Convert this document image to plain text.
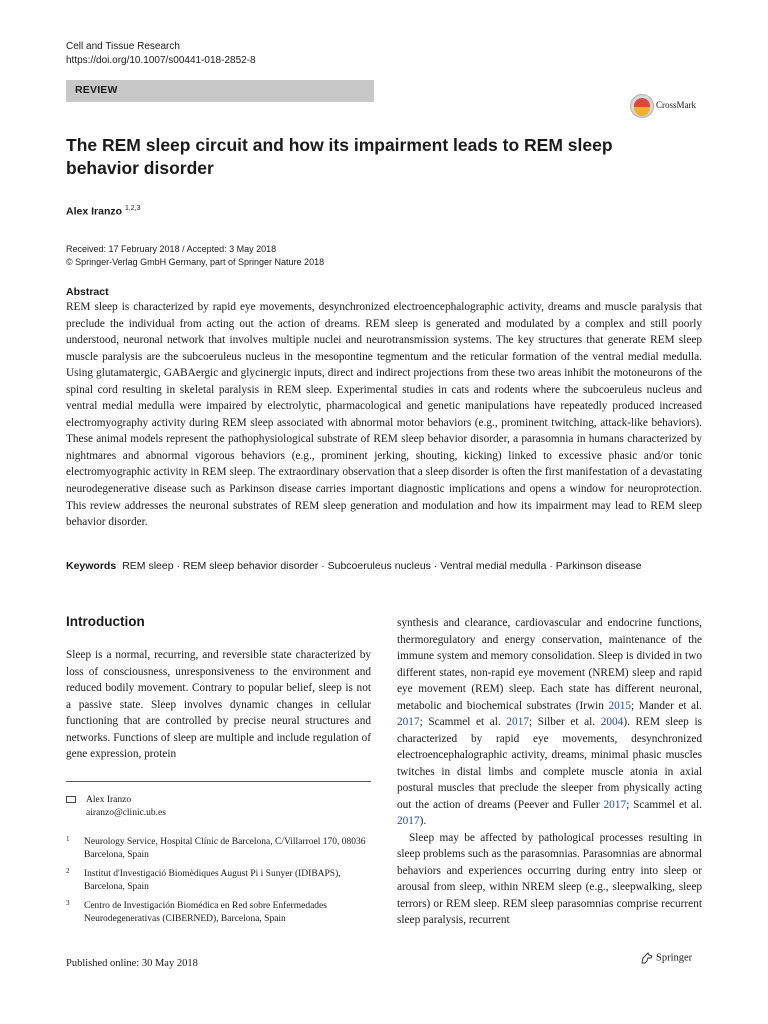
Cell and Tissue Research
https://doi.org/10.1007/s00441-018-2852-8
REVIEW
CrossMark
The REM sleep circuit and how its impairment leads to REM sleep behavior disorder
Alex Iranzo $^{1,2,3}$
Received: 17 February 2018 / Accepted: 3 May 2018
© Springer-Verlag GmbH Germany, part of Springer Nature 2018
Abstract
REM sleep is characterized by rapid eye movements, desynchronized electroencephalographic activity, dreams and muscle paralysis that preclude the individual from acting out the action of dreams. REM sleep is generated and modulated by a complex and still poorly understood, neuronal network that involves multiple nuclei and neurotransmission systems. The key structures that generate REM sleep muscle paralysis are the subcoeruleus nucleus in the mesopontine tegmentum and the reticular formation of the ventral medial medulla. Using glutamatergic, GABAergic and glycinergic inputs, direct and indirect projections from these two areas inhibit the motoneurons of the spinal cord resulting in skeletal paralysis in REM sleep. Experimental studies in cats and rodents where the subcoeruleus nucleus and ventral medial medulla were impaired by electrolytic, pharmacological and genetic manipulations have repeatedly produced increased electromyography activity during REM sleep associated with abnormal motor behaviors (e.g., prominent twitching, attack-like behaviors). These animal models represent the pathophysiological substrate of REM sleep behavior disorder, a parasomnia in humans characterized by nightmares and abnormal vigorous behaviors (e.g., prominent jerking, shouting, kicking) linked to excessive phasic and/or tonic electromyographic activity in REM sleep. The extraordinary observation that a sleep disorder is often the first manifestation of a devastating neurodegenerative disease such as Parkinson disease carries important diagnostic implications and opens a window for neuroprotection. This review addresses the neuronal substrates of REM sleep generation and modulation and how its impairment may lead to REM sleep behavior disorder.
Keywords REM sleep · REM sleep behavior disorder · Subcoeruleus nucleus · Ventral medial medulla · Parkinson disease
Introduction
Sleep is a normal, recurring, and reversible state characterized by loss of consciousness, unresponsiveness to the environment and reduced bodily movement. Contrary to popular belief, sleep is not a passive state. Sleep involves dynamic changes in cellular functioning that are controlled by precise neural structures and networks. Functions of sleep are multiple and include regulation of gene expression, protein
Alex Iranzo
airanzo@clinic.ub.es
1 Neurology Service, Hospital Clínic de Barcelona, C/Villarroel 170, 08036 Barcelona, Spain
2 Institut d'Investigació Biomèdiques August Pi i Sunyer (IDIBAPS), Barcelona, Spain
3 Centro de Investigación Biomédica en Red sobre Enfermedades Neurodegenerativas (CIBERNED), Barcelona, Spain

synthesis and clearance, cardiovascular and endocrine functions, thermoregulatory and energy conservation, maintenance of the immune system and memory consolidation. Sleep is divided in two different states, non-rapid eye movement (NREM) sleep and rapid eye movement (REM) sleep. Each state has different neuronal, metabolic and biochemical substrates (Irwin 2015; Mander et al. 2017; Scammel et al. 2017; Silber et al. 2004). REM sleep is characterized by rapid eye movements, desynchronized electroencephalographic activity, dreams, minimal phasic muscles twitches in distal limbs and complete muscle atonia in axial postural muscles that preclude the sleeper from physically acting out the action of dreams (Peever and Fuller 2017; Scammel et al. 2017).

Sleep may be affected by pathological processes resulting in sleep problems such as the parasomnias. Parasomnias are abnormal behaviors and experiences occurring during entry into sleep or arousal from sleep, within NREM sleep (e.g., sleepwalking, sleep terrors) or REM sleep. REM sleep parasomnias comprise recurrent sleep paralysis, recurrent

Published online: 30 May 2018
Springer
